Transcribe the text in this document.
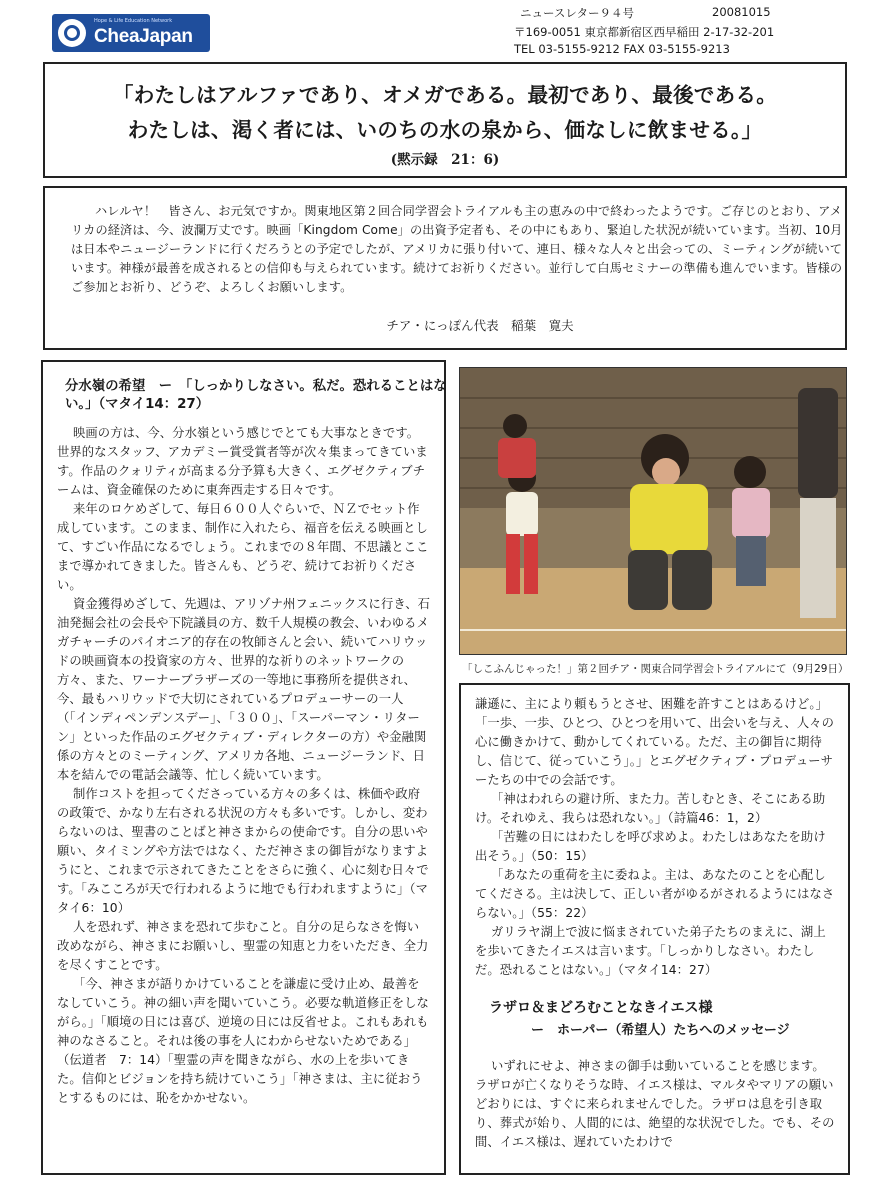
Hope & Life Education Network
CheaJapan
ニュースレター９４号	20081015
〒169-0051 東京都新宿区西早稲田 2-17-32-201
TEL 03-5155-9212 FAX 03-5155-9213
「わたしはアルファであり、オメガである。最初であり、最後である。
わたしは、渇く者には、いのちの水の泉から、価なしに飲ませる。」
(黙示録　21：6)

ハレルヤ！　皆さん、お元気ですか。関東地区第２回合同学習会トライアルも主の恵みの中で終わったようです。ご存じのとおり、アメリカの経済は、今、波瀾万丈です。映画「Kingdom Come」の出資予定者も、その中にもあり、緊迫した状況が続いています。当初、10月は日本やニュージーランドに行くだろうとの予定でしたが、アメリカに張り付いて、連日、様々な人々と出会っての、ミーティングが続いています。神様が最善を成されるとの信仰も与えられています。続けてお祈りください。並行して白馬セミナーの準備も進んでいます。皆様のご参加とお祈り、どうぞ、よろしくお願いします。

チア・にっぽん代表　稲葉　寛夫

分水嶺の希望　ー　「しっかりしなさい。私だ。恐れることはない。」（マタイ14：27）

映画の方は、今、分水嶺という感じでとても大事なときです。世界的なスタッフ、アカデミー賞受賞者等が次々集まってきています。作品のクォリティが高まる分予算も大きく、エグゼクティブチームは、資金確保のために東奔西走する日々です。

来年のロケめざして、毎日６００人ぐらいで、ＮＺでセット作成しています。このまま、制作に入れたら、福音を伝える映画として、すごい作品になるでしょう。これまでの８年間、不思議とここまで導かれてきました。皆さんも、どうぞ、続けてお祈りください。

資金獲得めざして、先週は、アリゾナ州フェニックスに行き、石油発掘会社の会長や下院議員の方、数千人規模の教会、いわゆるメガチャーチのパイオニア的存在の牧師さんと会い、続いてハリウッドの映画資本の投資家の方々、世界的な祈りのネットワークの方々、また、ワーナーブラザーズの一等地に事務所を提供され、今、最もハリウッドで大切にされているプロデューサーの一人（「インディペンデンスデー」、「３００」、「スーパーマン・リターン」といった作品のエグゼクティブ・ディレクターの方）や金融関係の方々とのミーティング、アメリカ各地、ニュージーランド、日本を結んでの電話会議等、忙しく続いています。

制作コストを担ってくださっている方々の多くは、株価や政府の政策で、かなり左右される状況の方々も多いです。しかし、変わらないのは、聖書のことばと神さまからの使命です。自分の思いや願い、タイミングや方法ではなく、ただ神さまの御旨がなりますようにと、これまで示されてきたことをさらに強く、心に刻む日々です。「みこころが天で行われるように地でも行われますように」（マタイ6：10）

人を恐れず、神さまを恐れて歩むこと。自分の足らなさを悔い改めながら、神さまにお願いし、聖霊の知恵と力をいただき、全力を尽くすことです。

「今、神さまが語りかけていることを謙虚に受け止め、最善をなしていこう。神の細い声を聞いていこう。必要な軌道修正をしながら。」「順境の日には喜び、逆境の日には反省せよ。これもあれも神のなさること。それは後の事を人にわからせないためである」（伝道者　7：14）「聖霊の声を聞きながら、水の上を歩いてきた。信仰とビジョンを持ち続けていこう」「神さまは、主に従おうとするものには、恥をかかせない。

「しこふんじゃった！」第２回チア・関東合同学習会トライアルにて（9月29日）

謙遜に、主により頼もうとさせ、困難を許すことはあるけど。」「一歩、一歩、ひとつ、ひとつを用いて、出会いを与え、人々の心に働きかけて、動かしてくれている。ただ、主の御旨に期待し、信じて、従っていこう」。」とエグゼクティブ・プロデューサーたちの中での会話です。

「神はわれらの避け所、また力。苦しむとき、そこにある助け。それゆえ、我らは恐れない。」（詩篇46：1，2）

「苦難の日にはわたしを呼び求めよ。わたしはあなたを助け出そう。」（50：15）

「あなたの重荷を主に委ねよ。主は、あなたのことを心配してくださる。主は決して、正しい者がゆるがされるようにはなさらない。」（55：22）

ガリラヤ湖上で波に悩まされていた弟子たちのまえに、湖上を歩いてきたイエスは言います。「しっかりしなさい。わたしだ。恐れることはない。」（マタイ14：27）

ラザロ＆まどろむことなきイエス様
ー　ホーパー（希望人）たちへのメッセージ

いずれにせよ、神さまの御手は動いていることを感じます。ラザロが亡くなりそうな時、イエス様は、マルタやマリアの願いどおりには、すぐに来られませんでした。ラザロは息を引き取り、葬式が始り、人間的には、絶望的な状況でした。でも、その間、イエス様は、遅れていたわけで
